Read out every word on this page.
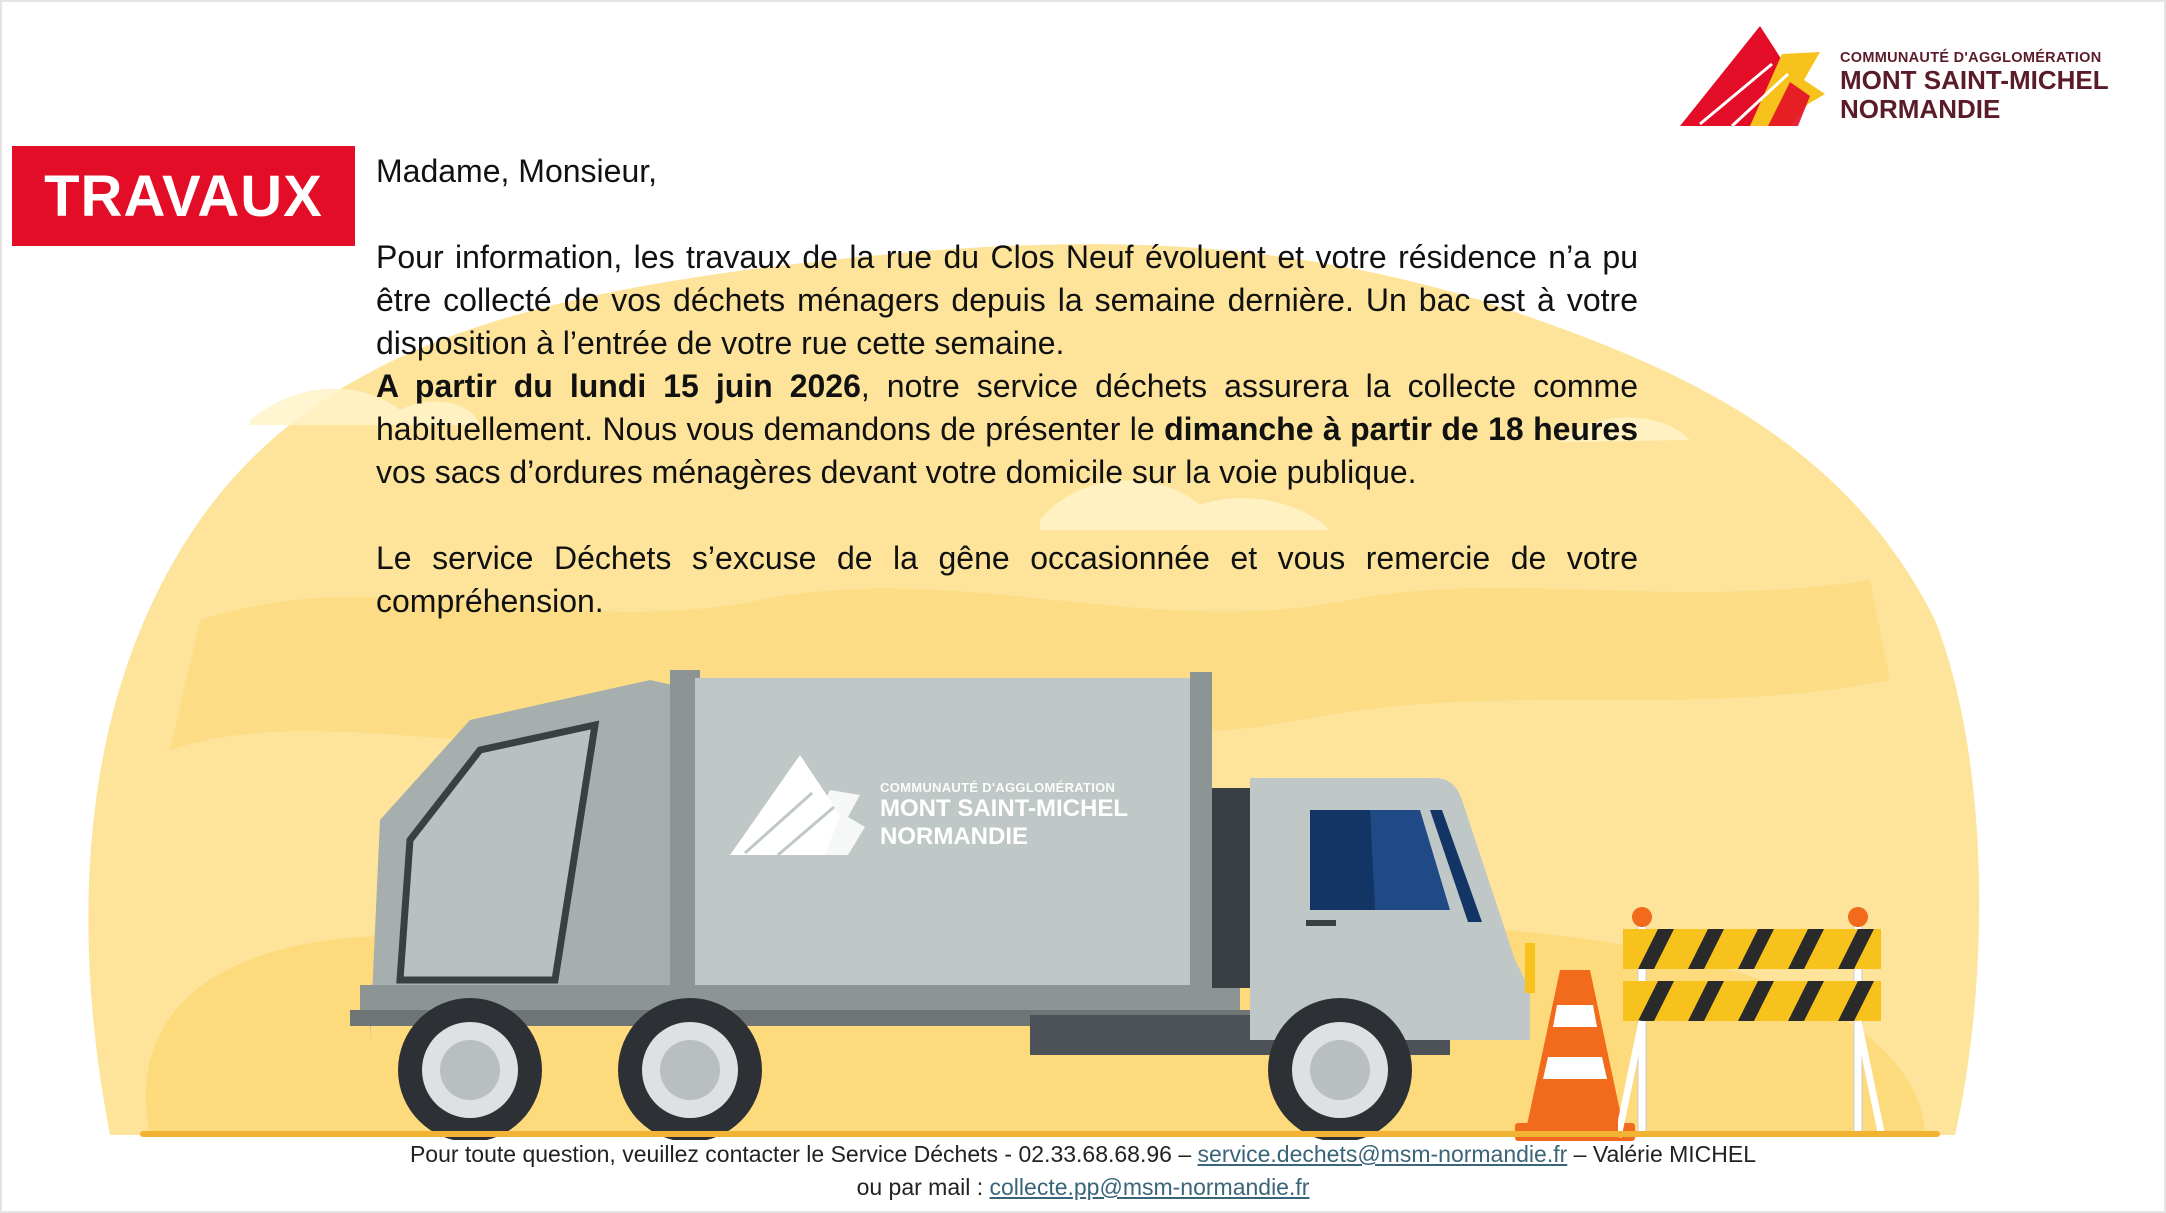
TRAVAUX
COMMUNAUTÉ D'AGGLOMÉRATION
MONT SAINT-MICHEL
NORMANDIE

Madame, Monsieur,

Pour information, les travaux de la rue du Clos Neuf évoluent et votre résidence n’a pu être collecté de vos déchets ménagers depuis la semaine dernière. Un bac est à votre disposition à l’entrée de votre rue cette semaine.

A partir du lundi 15 juin 2026, notre service déchets assurera la collecte comme habituellement. Nous vous demandons de présenter le dimanche à partir de 18 heures vos sacs d’ordures ménagères devant votre domicile sur la voie publique.

Le service Déchets s’excuse de la gêne occasionnée et vous remercie de votre compréhension.

COMMUNAUTÉ D'AGGLOMÉRATION
MONT SAINT-MICHEL
NORMANDIE
Pour toute question, veuillez contacter le Service Déchets - 02.33.68.68.96 – service.dechets@msm-normandie.fr – Valérie MICHEL
ou par mail : collecte.pp@msm-normandie.fr
